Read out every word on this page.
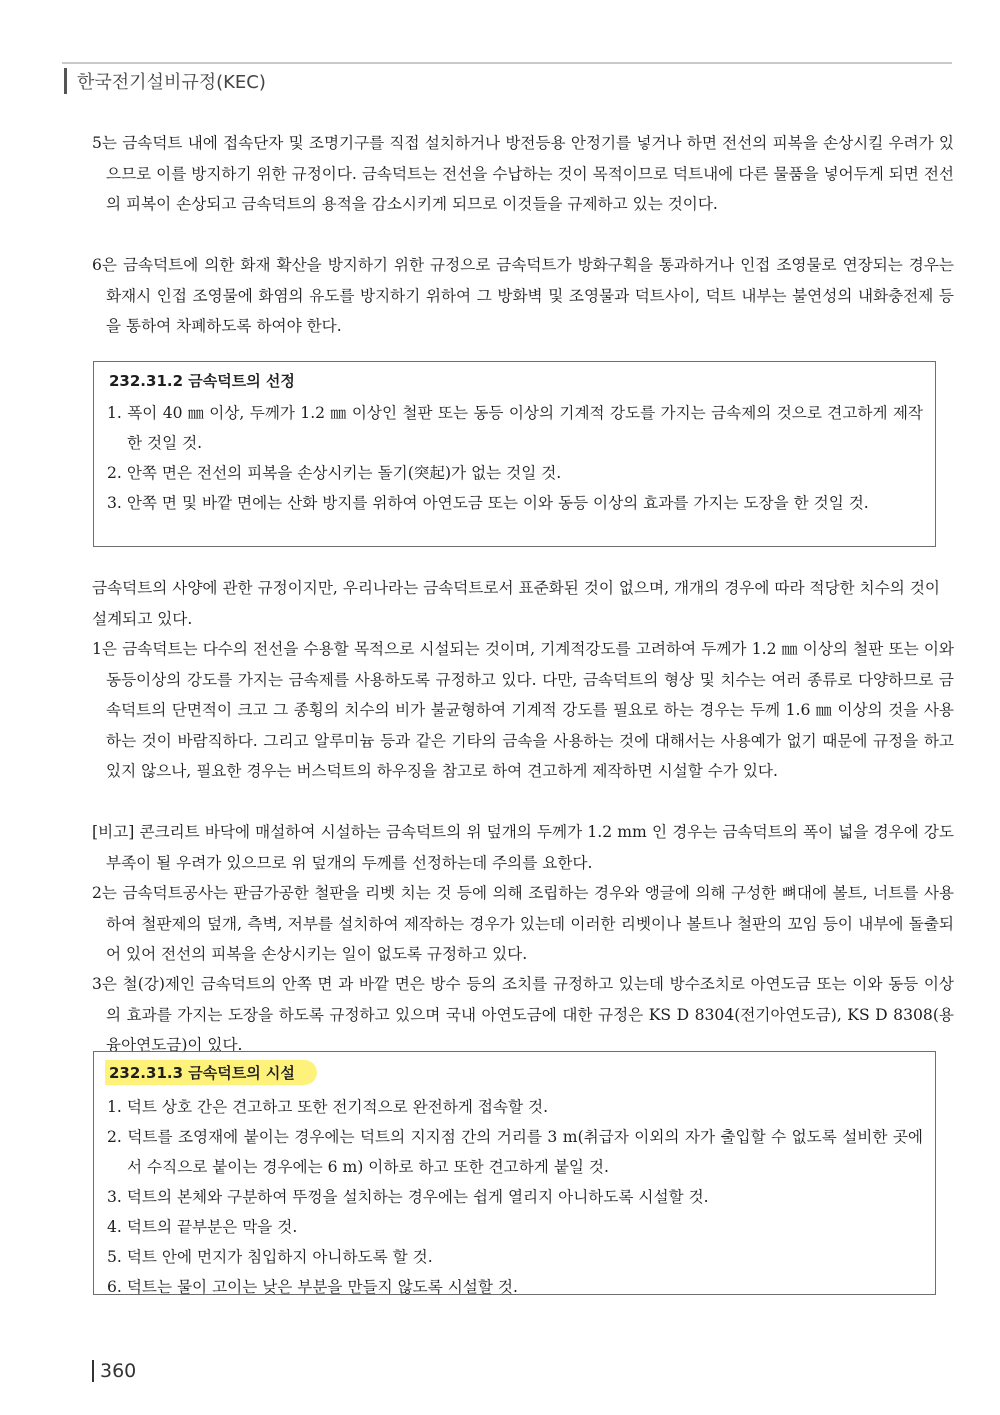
한국전기설비규정(KEC)

5는 금속덕트 내에 접속단자 및 조명기구를 직접 설치하거나 방전등용 안정기를 넣거나 하면 전선의 피복을 손상시킬 우려가 있으므로 이를 방지하기 위한 규정이다. 금속덕트는 전선을 수납하는 것이 목적이므로 덕트내에 다른 물품을 넣어두게 되면 전선의 피복이 손상되고 금속덕트의 용적을 감소시키게 되므로 이것들을 규제하고 있는 것이다.

6은 금속덕트에 의한 화재 확산을 방지하기 위한 규정으로 금속덕트가 방화구획을 통과하거나 인접 조영물로 연장되는 경우는 화재시 인접 조영물에 화염의 유도를 방지하기 위하여 그 방화벽 및 조영물과 덕트사이, 덕트 내부는 불연성의 내화충전제 등을 통하여 차폐하도록 하여야 한다.

232.31.2 금속덕트의 선정
1. 폭이 40 ㎜ 이상, 두께가 1.2 ㎜ 이상인 철판 또는 동등 이상의 기계적 강도를 가지는 금속제의 것으로 견고하게 제작한 것일 것.
2. 안쪽 면은 전선의 피복을 손상시키는 돌기(突起)가 없는 것일 것.
3. 안쪽 면 및 바깥 면에는 산화 방지를 위하여 아연도금 또는 이와 동등 이상의 효과를 가지는 도장을 한 것일 것.

금속덕트의 사양에 관한 규정이지만, 우리나라는 금속덕트로서 표준화된 것이 없으며, 개개의 경우에 따라 적당한 치수의 것이 설계되고 있다.

1은 금속덕트는 다수의 전선을 수용할 목적으로 시설되는 것이며, 기계적강도를 고려하여 두께가 1.2 ㎜ 이상의 철판 또는 이와 동등이상의 강도를 가지는 금속제를 사용하도록 규정하고 있다. 다만, 금속덕트의 형상 및 치수는 여러 종류로 다양하므로 금속덕트의 단면적이 크고 그 종횡의 치수의 비가 불균형하여 기계적 강도를 필요로 하는 경우는 두께 1.6 ㎜ 이상의 것을 사용하는 것이 바람직하다. 그리고 알루미늄 등과 같은 기타의 금속을 사용하는 것에 대해서는 사용예가 없기 때문에 규정을 하고 있지 않으나, 필요한 경우는 버스덕트의 하우징을 참고로 하여 견고하게 제작하면 시설할 수가 있다.

[비고] 콘크리트 바닥에 매설하여 시설하는 금속덕트의 위 덮개의 두께가 1.2 mm 인 경우는 금속덕트의 폭이 넓을 경우에 강도부족이 될 우려가 있으므로 위 덮개의 두께를 선정하는데 주의를 요한다.

2는 금속덕트공사는 판금가공한 철판을 리벳 치는 것 등에 의해 조립하는 경우와 앵글에 의해 구성한 뼈대에 볼트, 너트를 사용하여 철판제의 덮개, 측벽, 저부를 설치하여 제작하는 경우가 있는데 이러한 리벳이나 볼트나 철판의 꼬임 등이 내부에 돌출되어 있어 전선의 피복을 손상시키는 일이 없도록 규정하고 있다.

3은 철(강)제인 금속덕트의 안쪽 면 과 바깥 면은 방수 등의 조치를 규정하고 있는데 방수조치로 아연도금 또는 이와 동등 이상의 효과를 가지는 도장을 하도록 규정하고 있으며 국내 아연도금에 대한 규정은 KS D 8304(전기아연도금), KS D 8308(용융아연도금)이 있다.

232.31.3 금속덕트의 시설
1. 덕트 상호 간은 견고하고 또한 전기적으로 완전하게 접속할 것.
2. 덕트를 조영재에 붙이는 경우에는 덕트의 지지점 간의 거리를 3 m(취급자 이외의 자가 출입할 수 없도록 설비한 곳에서 수직으로 붙이는 경우에는 6 m) 이하로 하고 또한 견고하게 붙일 것.
3. 덕트의 본체와 구분하여 뚜껑을 설치하는 경우에는 쉽게 열리지 아니하도록 시설할 것.
4. 덕트의 끝부분은 막을 것.
5. 덕트 안에 먼지가 침입하지 아니하도록 할 것.
6. 덕트는 물이 고이는 낮은 부분을 만들지 않도록 시설할 것.
360
